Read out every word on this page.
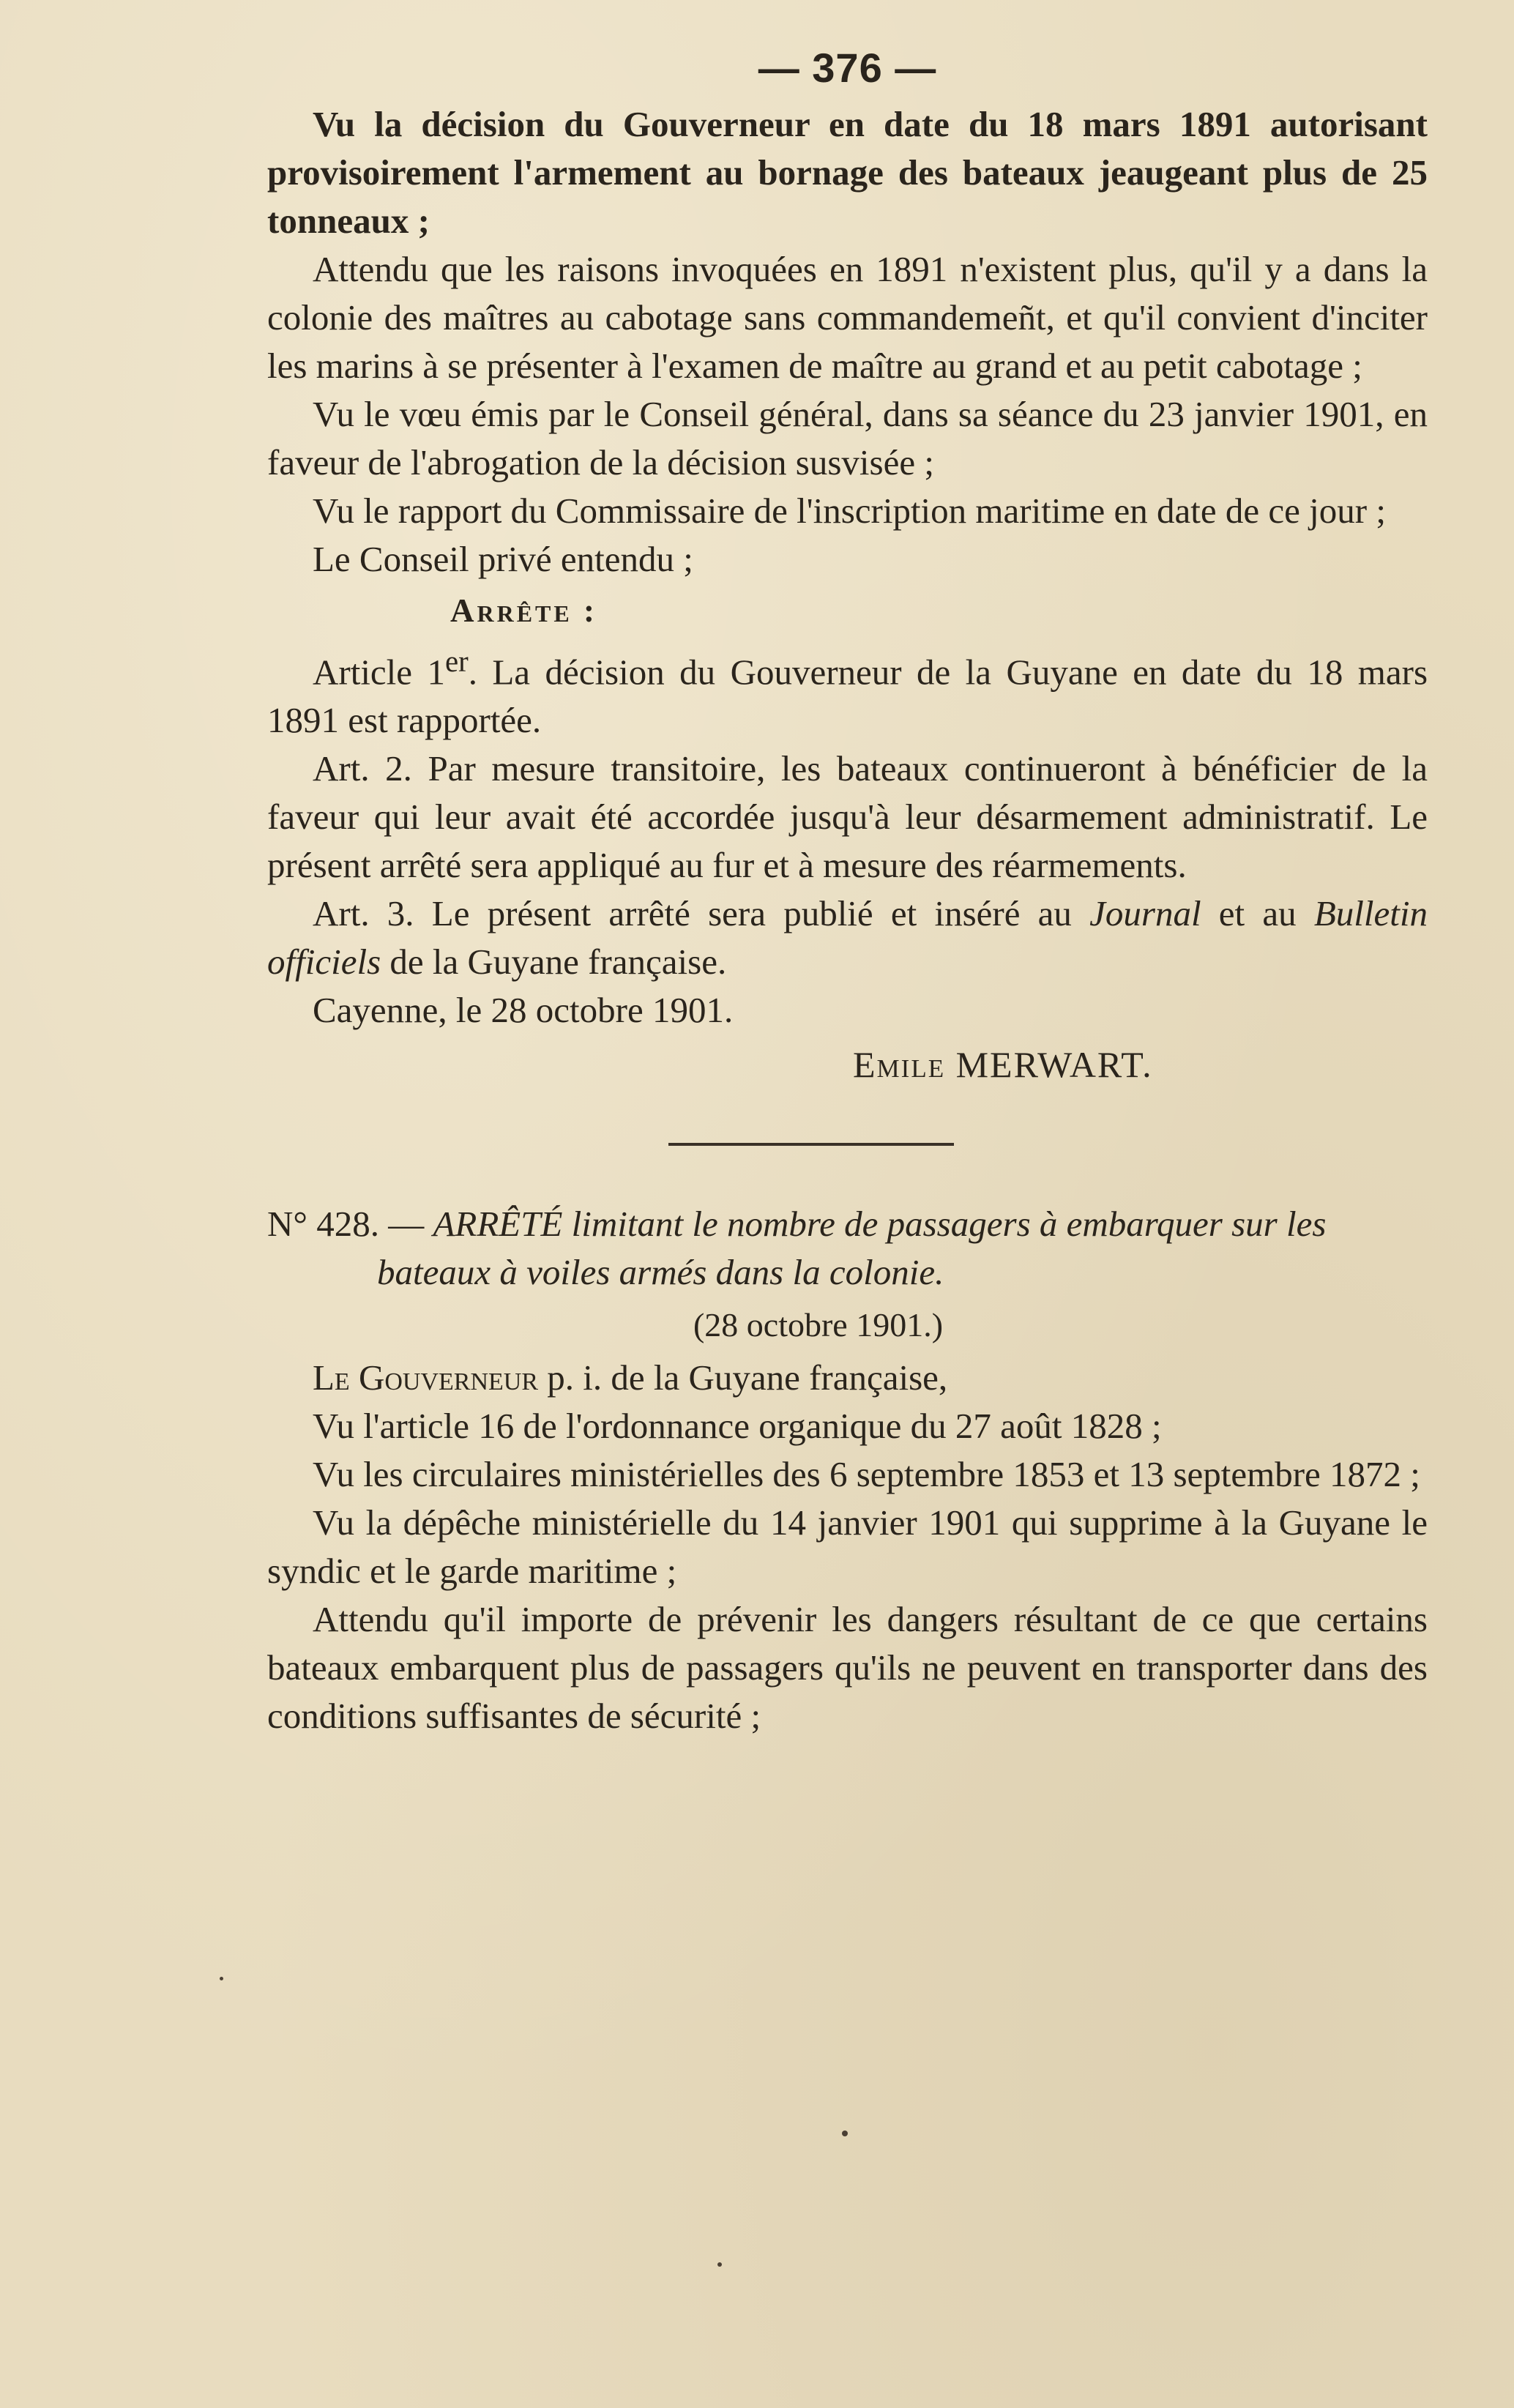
— 376 —

Vu la décision du Gouverneur en date du 18 mars 1891 autorisant provisoirement l'armement au bornage des bateaux jeaugeant plus de 25 tonneaux ;

Attendu que les raisons invoquées en 1891 n'existent plus, qu'il y a dans la colonie des maîtres au cabotage sans commandemeñt, et qu'il convient d'inciter les marins à se présenter à l'examen de maître au grand et au petit cabotage ;

Vu le vœu émis par le Conseil général, dans sa séance du 23 janvier 1901, en faveur de l'abrogation de la décision susvisée ;

Vu le rapport du Commissaire de l'inscription maritime en date de ce jour ;

Le Conseil privé entendu ;

Arrête :

Article 1er. La décision du Gouverneur de la Guyane en date du 18 mars 1891 est rapportée.

Art. 2. Par mesure transitoire, les bateaux continueront à bénéficier de la faveur qui leur avait été accordée jusqu'à leur désarmement administratif. Le présent arrêté sera appliqué au fur et à mesure des réarmements.

Art. 3. Le présent arrêté sera publié et inséré au Journal et au Bulletin officiels de la Guyane française.

Cayenne, le 28 octobre 1901.

Emile MERWART.

N° 428. — ARRÊTÉ limitant le nombre de passagers à embarquer sur les bateaux à voiles armés dans la colonie.

(28 octobre 1901.)

Le Gouverneur p. i. de la Guyane française,

Vu l'article 16 de l'ordonnance organique du 27 août 1828 ;

Vu les circulaires ministérielles des 6 septembre 1853 et 13 septembre 1872 ;

Vu la dépêche ministérielle du 14 janvier 1901 qui supprime à la Guyane le syndic et le garde maritime ;

Attendu qu'il importe de prévenir les dangers résultant de ce que certains bateaux embarquent plus de passagers qu'ils ne peuvent en transporter dans des conditions suffisantes de sécurité ;
